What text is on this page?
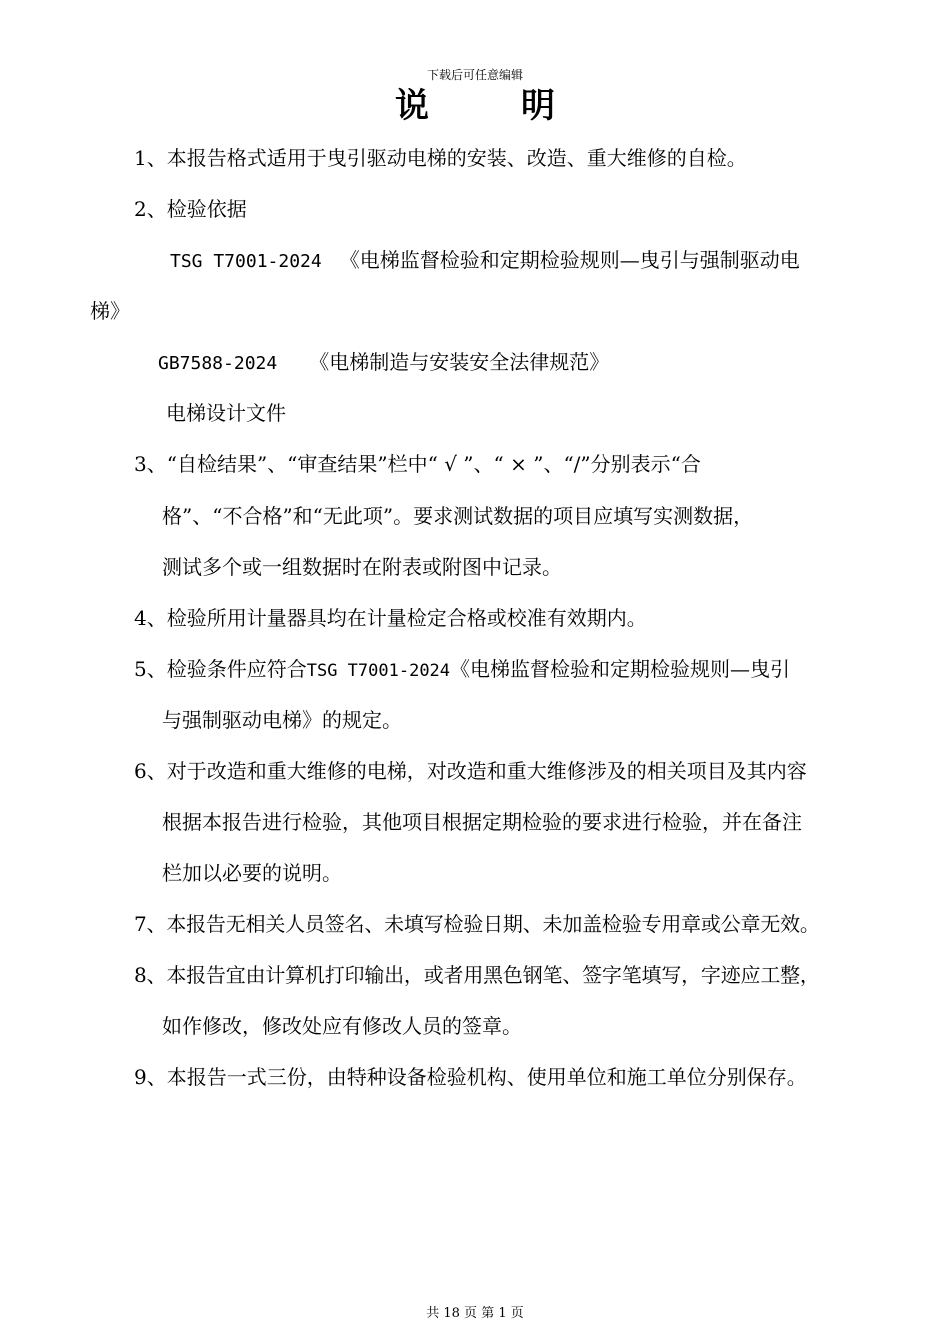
下载后可任意编辑
说	明
1、本报告格式适用于曳引驱动电梯的安装、改造、重大维修的自检。
2、检验依据
TSG T7001-2024 《电梯监督检验和定期检验规则—曳引与强制驱动电
梯》
GB7588-2024 《电梯制造与安装安全法律规范》
电梯设计文件
3、“自检结果”、“审查结果”栏中“ √ ”、“ × ”、“/”分别表示“合
格”、“不合格”和“无此项”。要求测试数据的项目应填写实测数据，
测试多个或一组数据时在附表或附图中记录。
4、检验所用计量器具均在计量检定合格或校准有效期内。
5、检验条件应符合TSG T7001-2024《电梯监督检验和定期检验规则—曳引
与强制驱动电梯》的规定。
6、对于改造和重大维修的电梯，对改造和重大维修涉及的相关项目及其内容
根据本报告进行检验，其他项目根据定期检验的要求进行检验，并在备注
栏加以必要的说明。
7、本报告无相关人员签名、未填写检验日期、未加盖检验专用章或公章无效。
8、本报告宜由计算机打印输出，或者用黑色钢笔、签字笔填写，字迹应工整，
如作修改，修改处应有修改人员的签章。
9、本报告一式三份，由特种设备检验机构、使用单位和施工单位分别保存。
共 18 页 第 1 页
